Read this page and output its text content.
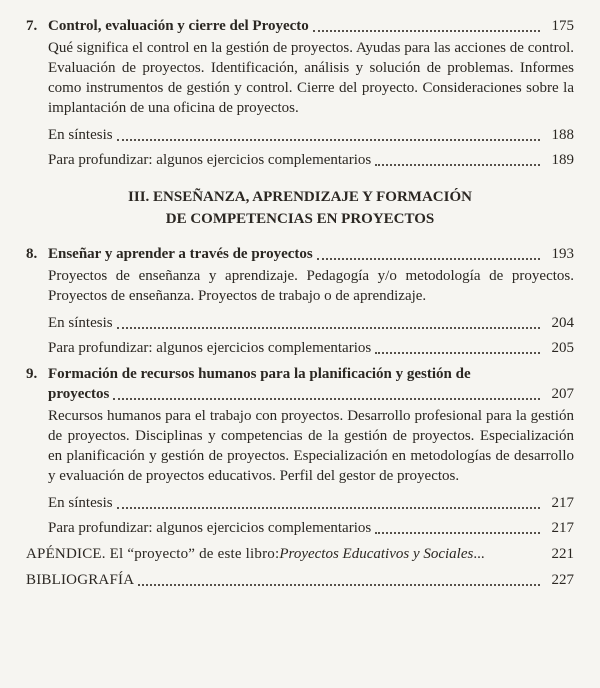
7. Control, evaluación y cierre del Proyecto	175

Qué significa el control en la gestión de proyectos. Ayudas para las acciones de control. Evaluación de proyectos. Identificación, análisis y solución de problemas. Informes como instrumentos de gestión y control. Cierre del proyecto. Consideraciones sobre la implantación de una oficina de proyectos.

En síntesis	188
Para profundizar: algunos ejercicios complementarios	189
III. ENSEÑANZA, APRENDIZAJE Y FORMACIÓN
DE COMPETENCIAS EN PROYECTOS
8. Enseñar y aprender a través de proyectos	193

Proyectos de enseñanza y aprendizaje. Pedagogía y/o metodología de proyectos. Proyectos de enseñanza. Proyectos de trabajo o de aprendizaje.

En síntesis	204
Para profundizar: algunos ejercicios complementarios	205
9. Formación de recursos humanos para la planificación y gestión de
proyectos	207

Recursos humanos para el trabajo con proyectos. Desarrollo profesional para la gestión de proyectos. Disciplinas y competencias de la gestión de proyectos. Especialización en planificación y gestión de proyectos. Especialización en metodologías de desarrollo y evaluación de proyectos educativos. Perfil del gestor de proyectos.

En síntesis	217
Para profundizar: algunos ejercicios complementarios	217
APÉNDICE. El “proyecto” de este libro: Proyectos Educativos y Sociales ...	221
BIBLIOGRAFÍA	227
